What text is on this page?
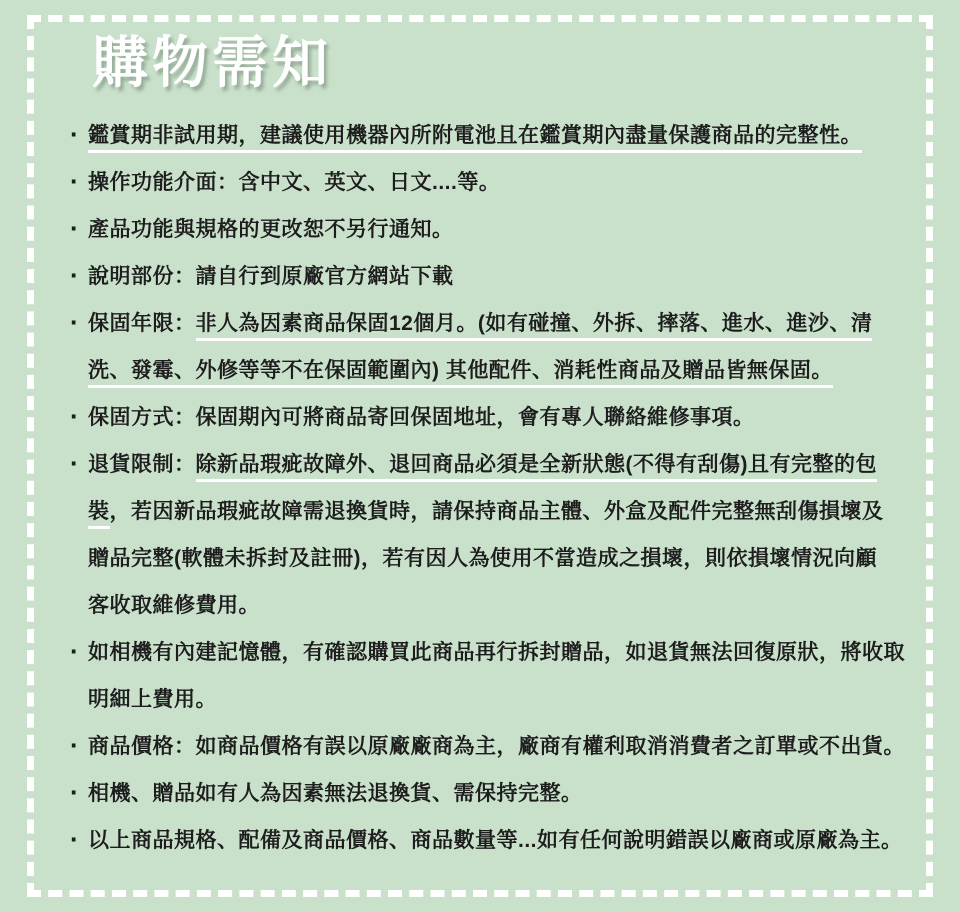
購物需知
‧ 鑑賞期非試用期，建議使用機器內所附電池且在鑑賞期內盡量保護商品的完整性。
‧ 操作功能介面：含中文、英文、日文....等。
‧ 產品功能與規格的更改恕不另行通知。
‧ 說明部份：請自行到原廠官方網站下載
‧ 保固年限：非人為因素商品保固12個月。(如有碰撞、外拆、摔落、進水、進沙、清
洗、發霉、外修等等不在保固範圍內) 其他配件、消耗性商品及贈品皆無保固。
‧ 保固方式：保固期內可將商品寄回保固地址，會有專人聯絡維修事項。
‧ 退貨限制：除新品瑕疵故障外、退回商品必須是全新狀態(不得有刮傷)且有完整的包
裝，若因新品瑕疵故障需退換貨時，請保持商品主體、外盒及配件完整無刮傷損壞及
贈品完整(軟體未拆封及註冊)，若有因人為使用不當造成之損壞，則依損壞情況向顧
客收取維修費用。
‧ 如相機有內建記憶體，有確認購買此商品再行拆封贈品，如退貨無法回復原狀，將收取
明細上費用。
‧ 商品價格：如商品價格有誤以原廠廠商為主，廠商有權利取消消費者之訂單或不出貨。
‧ 相機、贈品如有人為因素無法退換貨、需保持完整。
‧ 以上商品規格、配備及商品價格、商品數量等...如有任何說明錯誤以廠商或原廠為主。
